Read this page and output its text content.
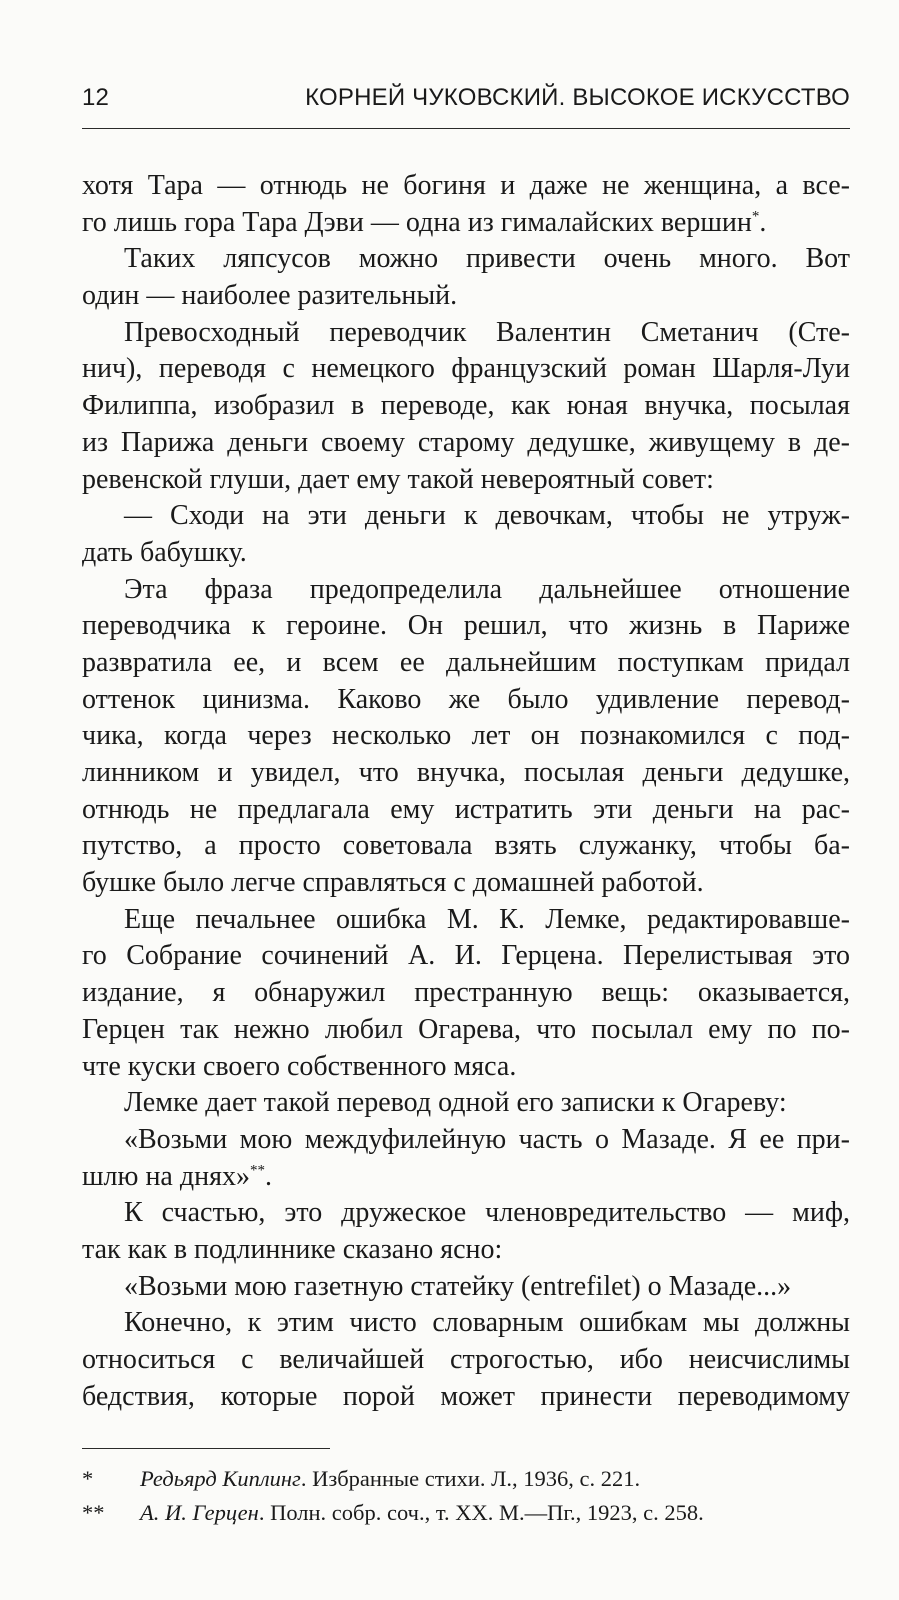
12	КОРНЕЙ ЧУКОВСКИЙ. ВЫСОКОЕ ИСКУССТВО
хотя Тара — отнюдь не богиня и даже не женщина, а все-
го лишь гора Тара Дэви — одна из гималайских вершин*.
Таких ляпсусов можно привести очень много. Вот
один — наиболее разительный.
Превосходный переводчик Валентин Сметанич (Сте-
нич), переводя с немецкого французский роман Шарля-Луи
Филиппа, изобразил в переводе, как юная внучка, посылая
из Парижа деньги своему старому дедушке, живущему в де-
ревенской глуши, дает ему такой невероятный совет:
— Сходи на эти деньги к девочкам, чтобы не утруж-
дать бабушку.
Эта фраза предопределила дальнейшее отношение
переводчика к героине. Он решил, что жизнь в Париже
развратила ее, и всем ее дальнейшим поступкам придал
оттенок цинизма. Каково же было удивление перевод-
чика, когда через несколько лет он познакомился с под-
линником и увидел, что внучка, посылая деньги дедушке,
отнюдь не предлагала ему истратить эти деньги на рас-
путство, а просто советовала взять служанку, чтобы ба-
бушке было легче справляться с домашней работой.
Еще печальнее ошибка М. К. Лемке, редактировавше-
го Собрание сочинений А. И. Герцена. Перелистывая это
издание, я обнаружил престранную вещь: оказывается,
Герцен так нежно любил Огарева, что посылал ему по по-
чте куски своего собственного мяса.
Лемке дает такой перевод одной его записки к Огареву:
«Возьми мою междуфилейную часть о Мазаде. Я ее при-
шлю на днях»**.
К счастью, это дружеское членовредительство — миф,
так как в подлиннике сказано ясно:
«Возьми мою газетную статейку (entrefilet) о Мазаде...»
Конечно, к этим чисто словарным ошибкам мы должны
относиться с величайшей строгостью, ибо неисчислимы
бедствия, которые порой может принести переводимому
* Редьярд Киплинг. Избранные стихи. Л., 1936, с. 221.
** А. И. Герцен. Полн. собр. соч., т. XX. М.—Пг., 1923, с. 258.
